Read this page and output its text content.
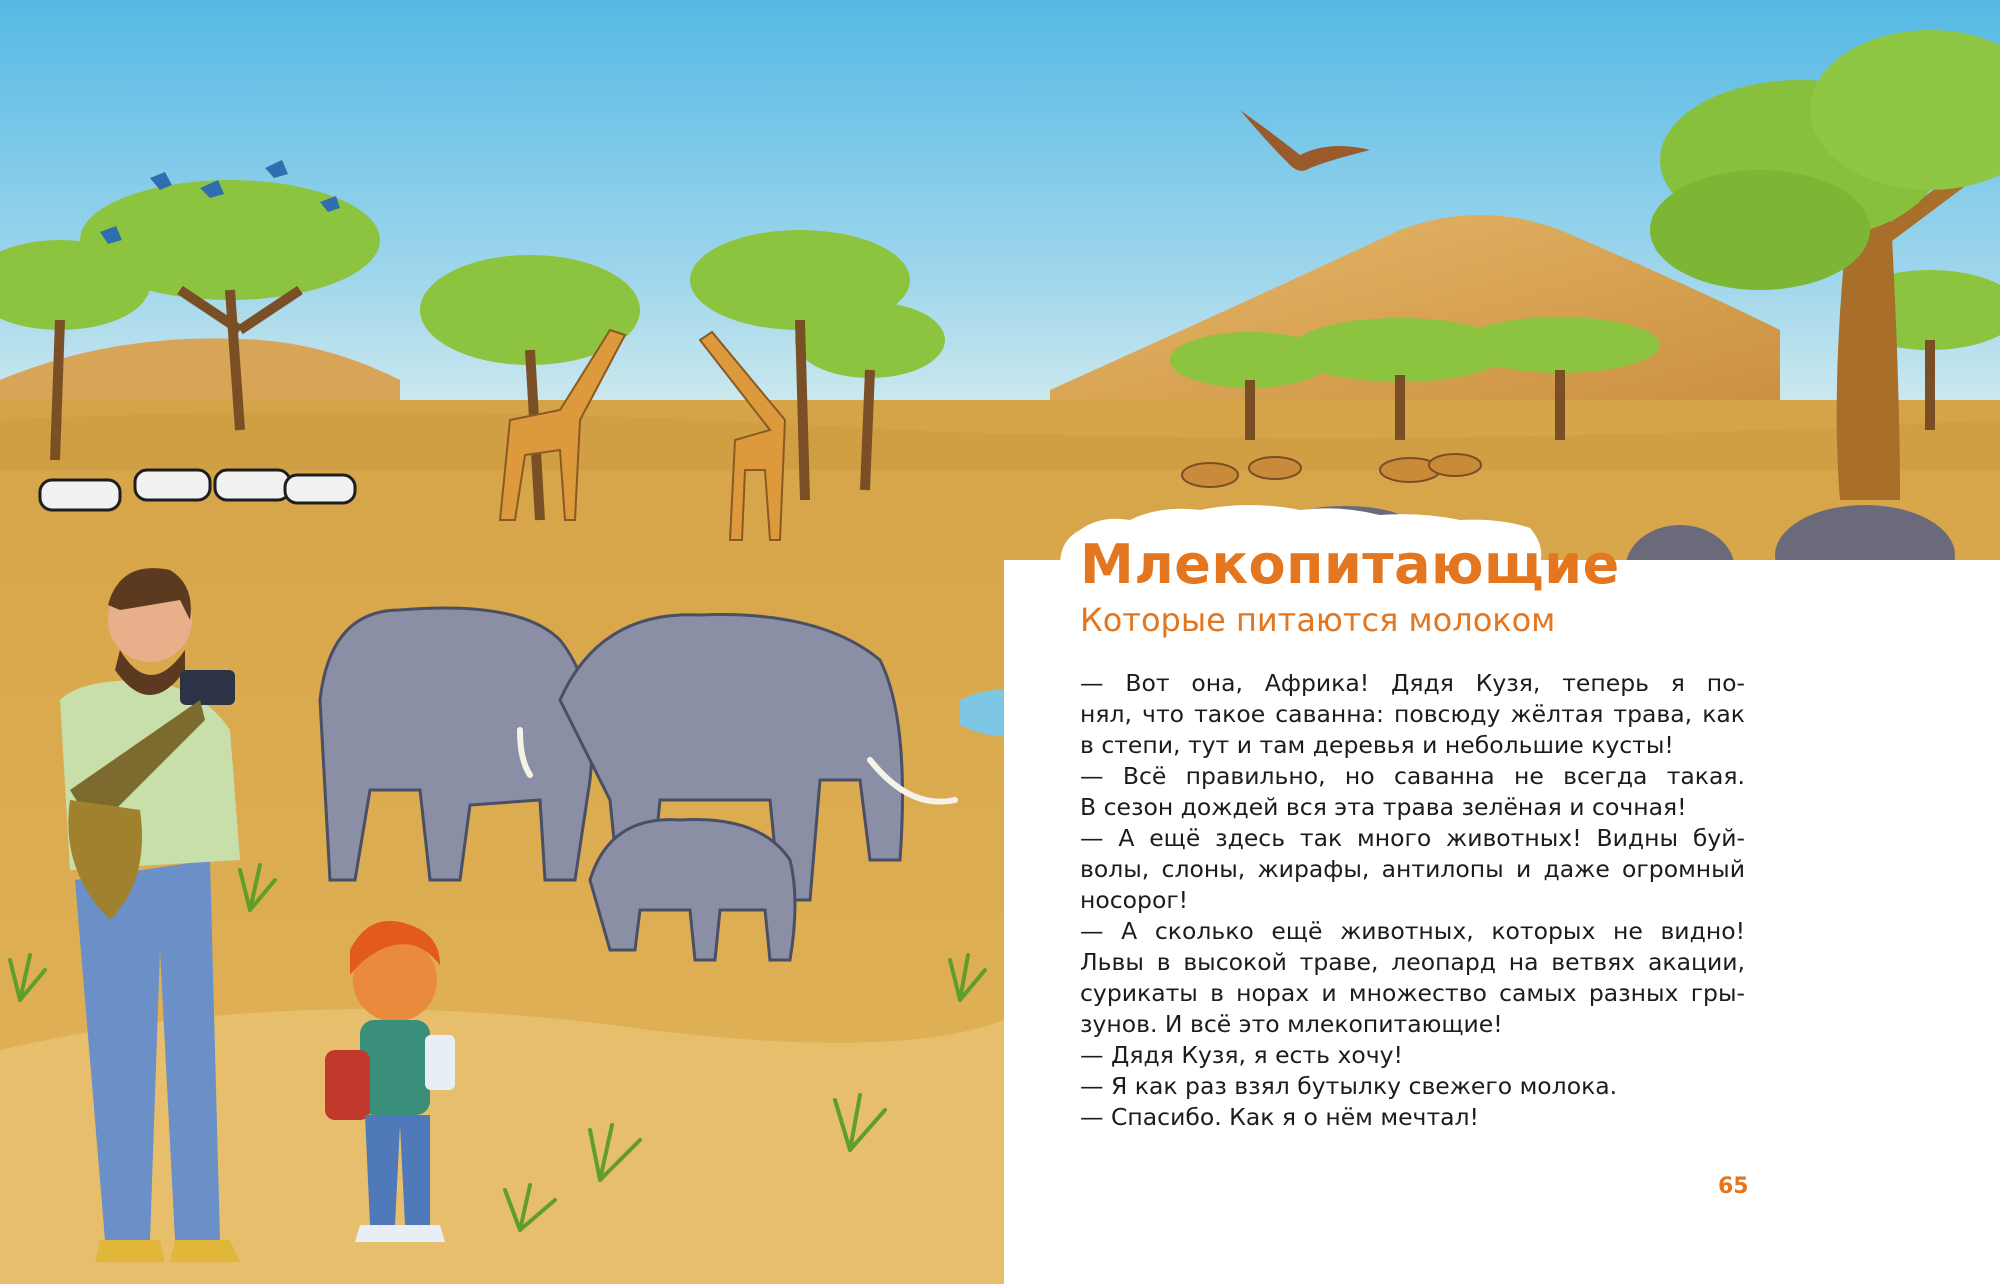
Млекопитающие
Которые питаются молоком
— Вот она, Африка! Дядя Кузя, теперь я по-
нял, что такое саванна: повсюду жёлтая трава, как
в степи, тут и там деревья и небольшие кусты!
— Всё правильно, но саванна не всегда такая.
В сезон дождей вся эта трава зелёная и сочная!
— А ещё здесь так много животных! Видны буй-
волы, слоны, жирафы, антилопы и даже огромный
носорог!
— А сколько ещё животных, которых не видно!
Львы в высокой траве, леопард на ветвях акации,
сурикаты в норах и множество самых разных гры-
зунов. И всё это млекопитающие!
— Дядя Кузя, я есть хочу!
— Я как раз взял бутылку свежего молока.
— Спасибо. Как я о нём мечтал!
65
